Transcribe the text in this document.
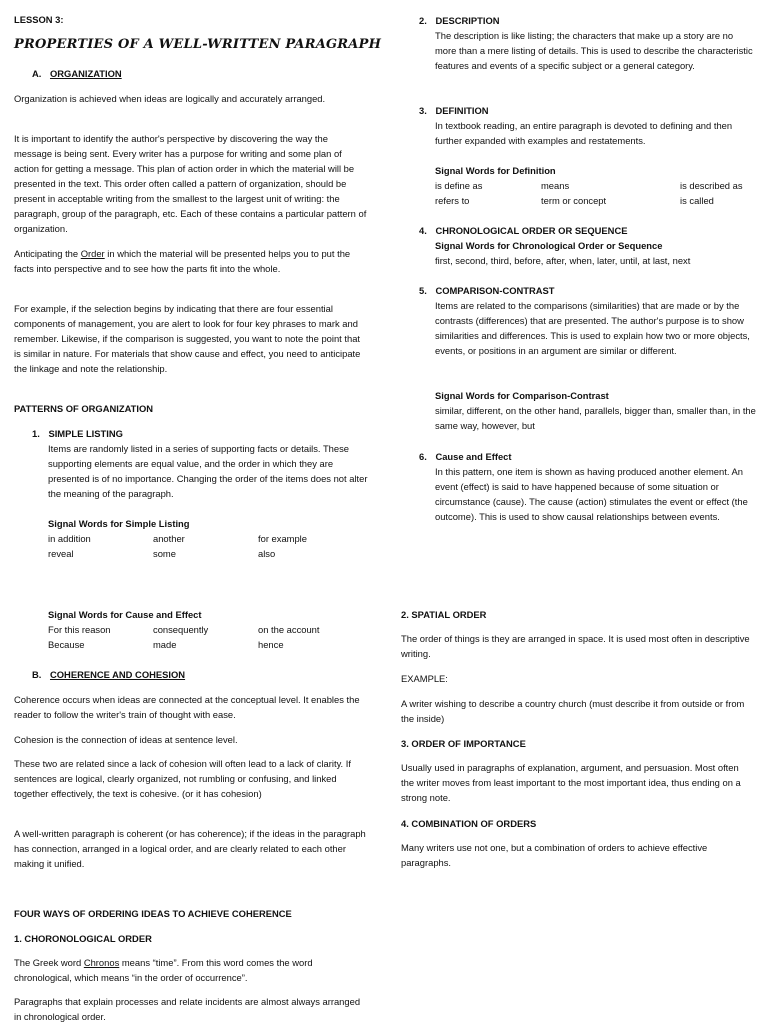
LESSON 3:
PROPERTIES OF A WELL-WRITTEN PARAGRAPH
A. ORGANIZATION

Organization is achieved when ideas are logically and accurately arranged.

It is important to identify the author's perspective by discovering the way the message is being sent. Every writer has a purpose for writing and some plan of action for getting a message. This plan of action order in which the material will be presented in the text. This order often called a pattern of organization, should be present in acceptable writing from the smallest to the largest unit of writing: the paragraph, group of the paragraph, etc. Each of these contains a particular pattern of organization.

Anticipating the Order in which the material will be presented helps you to put the facts into perspective and to see how the parts fit into the whole.

For example, if the selection begins by indicating that there are four essential components of management, you are alert to look for four key phrases to mark and remember. Likewise, if the comparison is suggested, you want to note the point that is similar in nature. For materials that show cause and effect, you need to anticipate the linkage and note the relationship.

PATTERNS OF ORGANIZATION
1. SIMPLE LISTING

Items are randomly listed in a series of supporting facts or details. These supporting elements are equal value, and the order in which they are presented is of no importance. Changing the order of the items does not alter the meaning of the paragraph.

Signal Words for Simple Listing
in addition	another	for example
reveal	some	also
Signal Words for Cause and Effect
For this reason	consequently	on the account
Because	made	hence
B. COHERENCE AND COHESION

Coherence occurs when ideas are connected at the conceptual level. It enables the reader to follow the writer's train of thought with ease.

Cohesion is the connection of ideas at sentence level.

These two are related since a lack of cohesion will often lead to a lack of clarity. If sentences are logical, clearly organized, not rumbling or confusing, and linked together effectively, the text is cohesive. (or it has cohesion)

A well-written paragraph is coherent (or has coherence); if the ideas in the paragraph has connection, arranged in a logical order, and are clearly related to each other making it unified.

FOUR WAYS OF ORDERING IDEAS TO ACHIEVE COHERENCE
1. CHORONOLOGICAL ORDER

The Greek word Chronos means “time”. From this word comes the word chronological, which means “in the order of occurrence”.

Paragraphs that explain processes and relate incidents are almost always arranged in chronological order.

2. DESCRIPTION

The description is like listing; the characters that make up a story are no more than a mere listing of details. This is used to describe the characteristic features and events of a specific subject or a general category.

3. DEFINITION

In textbook reading, an entire paragraph is devoted to defining and then further expanded with examples and restatements.

Signal Words for Definition
is define as	means	is described as
refers to	term or concept	is called
4. CHRONOLOGICAL ORDER OR SEQUENCE
Signal Words for Chronological Order or Sequence
first, second, third, before, after, when, later, until, at last, next
5. COMPARISON-CONTRAST

Items are related to the comparisons (similarities) that are made or by the contrasts (differences) that are presented. The author's purpose is to show similarities and differences. This is used to explain how two or more objects, events, or positions in an argument are similar or different.

Signal Words for Comparison-Contrast
similar, different, on the other hand, parallels, bigger than, smaller than, in the same way, however, but
6. Cause and Effect

In this pattern, one item is shown as having produced another element. An event (effect) is said to have happened because of some situation or circumstance (cause). The cause (action) stimulates the event or effect (the outcome). This is used to show causal relationships between events.

2. SPATIAL ORDER

The order of things is they are arranged in space. It is used most often in descriptive writing.

EXAMPLE:

A writer wishing to describe a country church (must describe it from outside or from the inside)

3. ORDER OF IMPORTANCE

Usually used in paragraphs of explanation, argument, and persuasion. Most often the writer moves from least important to the most important idea, thus ending on a strong note.

4. COMBINATION OF ORDERS

Many writers use not one, but a combination of orders to achieve effective paragraphs.
